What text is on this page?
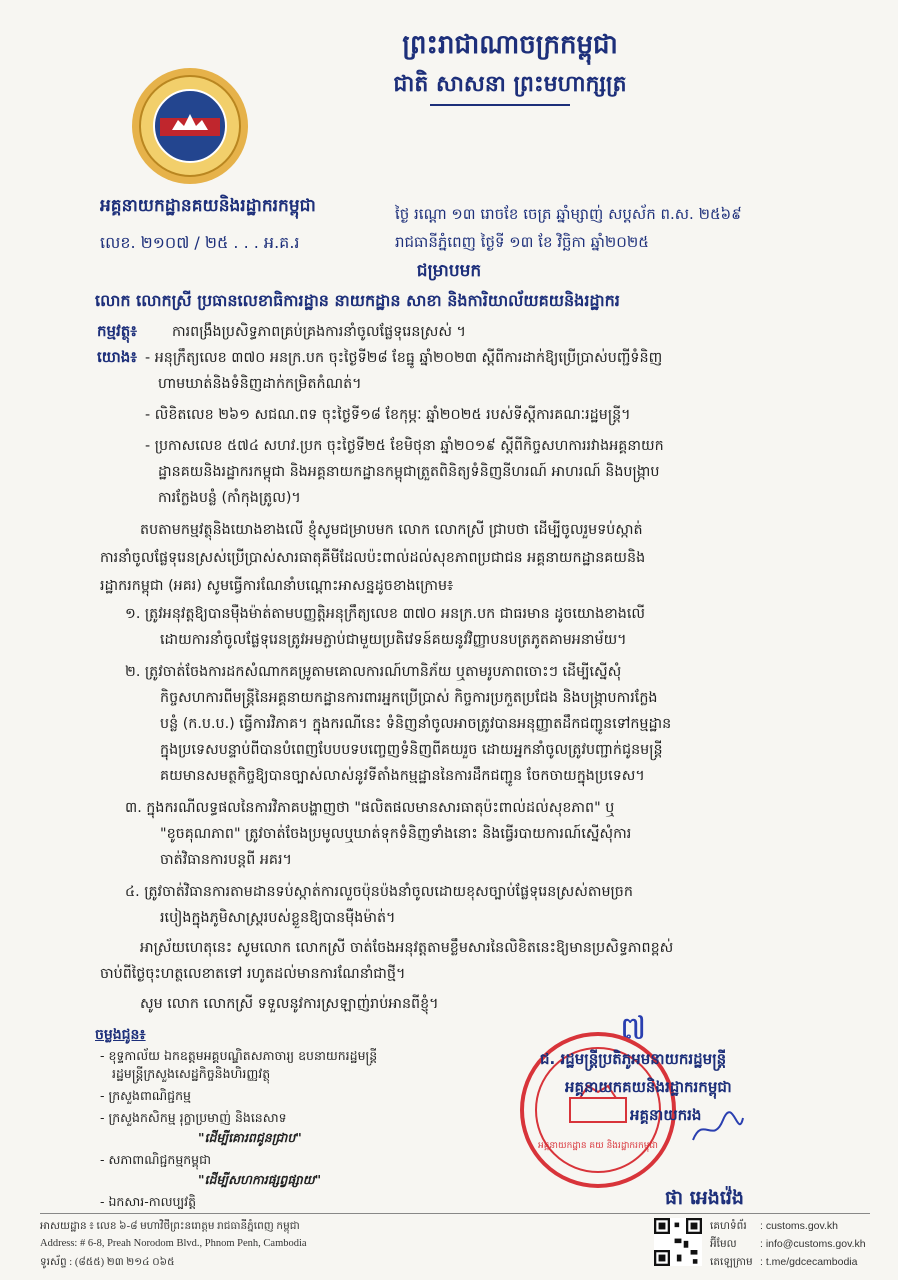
ព្រះរាជាណាចក្រកម្ពុជា
ជាតិ សាសនា ព្រះមហាក្សត្រ
អគ្គនាយកដ្ឋានគយនិងរដ្ឋាករកម្ពុជា
លេខ. ២១០៧ / ២៥ . . . អ.គ.រ
ថ្ងៃ រណ្ដោ ១៣ រោចខែ ចេត្រ ឆ្នាំម្សាញ់ សប្តស័ក ព.ស. ២៥៦៩
រាជធានីភ្នំពេញ ថ្ងៃទី ១៣ ខែ វិច្ឆិកា ឆ្នាំ២០២៥
ជម្រាបមក
លោក លោកស្រី ប្រធានលេខាធិការដ្ឋាន នាយកដ្ឋាន សាខា និងការិយាល័យគយនិងរដ្ឋាករ
កម្មវត្ថុ៖ ការពង្រឹងប្រសិទ្ធភាពគ្រប់គ្រងការនាំចូលផ្លែទុរេនស្រស់ ។
យោង៖ - អនុក្រឹត្យលេខ ៣៧០ អនក្រ.បក ចុះថ្ងៃទី២៨ ខែធ្នូ ឆ្នាំ២០២៣ ស្ដីពីការដាក់ឱ្យប្រើប្រាស់បញ្ជីទំនិញ
ហាមឃាត់និងទំនិញដាក់កម្រិតកំណត់។
- លិខិតលេខ ២៦១ សជណ.ពទ ចុះថ្ងៃទី១៨ ខែកុម្ភៈ ឆ្នាំ២០២៥ របស់ទីស្ដីការគណៈរដ្ឋមន្ត្រី។
- ប្រកាសលេខ ៥៧៤ សហវ.ប្រក ចុះថ្ងៃទី២៥ ខែមិថុនា ឆ្នាំ២០១៩ ស្ដីពីកិច្ចសហការរវាងអគ្គនាយក
ដ្ឋានគយនិងរដ្ឋាករកម្ពុជា និងអគ្គនាយកដ្ឋានកម្ពុជាត្រួតពិនិត្យទំនិញនីហរណ៍ អាហរណ៍ និងបង្ក្រាប
ការក្លែងបន្លំ (កាំកុងត្រូល)។
តបតាមកម្មវត្ថុនិងយោងខាងលើ ខ្ញុំសូមជម្រាបមក លោក លោកស្រី ជ្រាបថា ដើម្បីចូលរួមទប់ស្កាត់
ការនាំចូលផ្លែទុរេនស្រស់ប្រើប្រាស់សារធាតុគីមីដែលប៉ះពាល់ដល់សុខភាពប្រជាជន អគ្គនាយកដ្ឋានគយនិង
រដ្ឋាករកម្ពុជា (អគរ) សូមធ្វើការណែនាំបណ្ដោះអាសន្នដូចខាងក្រោម៖
១. ត្រូវអនុវត្តឱ្យបានម៉ឺងម៉ាត់តាមបញ្ញត្តិអនុក្រឹត្យលេខ ៣៧០ អនក្រ.បក ជាធរមាន ដូចយោងខាងលើ
ដោយការនាំចូលផ្លែទុរេនត្រូវអមភ្ជាប់ជាមួយប្រតិវេទន៍គយនូវវិញ្ញាបនបត្រភូតគាមអនាម័យ។
២. ត្រូវចាត់ចែងការដកសំណាកគម្រូតាមគោលការណ៍ហានិភ័យ ឬតាមរូបភាពចោះៗ ដើម្បីស្នើសុំ
កិច្ចសហការពីមន្ត្រីនៃអគ្គនាយកដ្ឋានការពារអ្នកប្រើប្រាស់ កិច្ចការប្រកួតប្រជែង និងបង្ក្រាបការក្លែង
បន្លំ (ក.ប.ប.) ធ្វើការវិភាគ។ ក្នុងករណីនេះ ទំនិញនាំចូលអាចត្រូវបានអនុញ្ញាតដឹកជញ្ជូនទៅកម្មដ្ឋាន
ក្នុងប្រទេសបន្ទាប់ពីបានបំពេញបែបបទបញ្ចេញទំនិញពីគយរួច ដោយអ្នកនាំចូលត្រូវបញ្ជាក់ជូនមន្ត្រី
គយមានសមត្ថកិច្ចឱ្យបានច្បាស់លាស់នូវទីតាំងកម្មដ្ឋាននៃការដឹកជញ្ជូន ចែកចាយក្នុងប្រទេស។
៣. ក្នុងករណីលទ្ធផលនៃការវិភាគបង្ហាញថា "ផលិតផលមានសារធាតុប៉ះពាល់ដល់សុខភាព" ឬ
"ខូចគុណភាព" ត្រូវចាត់ចែងប្រមូលឬឃាត់ទុកទំនិញទាំងនោះ និងធ្វើរបាយការណ៍ស្នើសុំការ
ចាត់វិធានការបន្តពី អគរ។
៤. ត្រូវចាត់វិធានការតាមដានទប់ស្កាត់ការលួចប៉ុនប៉ងនាំចូលដោយខុសច្បាប់ផ្លែទុរេនស្រស់តាមច្រក
របៀងក្នុងភូមិសាស្ត្ររបស់ខ្លួនឱ្យបានម៉ឺងម៉ាត់។
អាស្រ័យហេតុនេះ សូមលោក លោកស្រី ចាត់ចែងអនុវត្តតាមខ្លឹមសារនៃលិខិតនេះឱ្យមានប្រសិទ្ធភាពខ្ពស់
ចាប់ពីថ្ងៃចុះហត្ថលេខាតទៅ រហូតដល់មានការណែនាំជាថ្មី។
សូម លោក លោកស្រី ទទួលនូវការស្រឡាញ់រាប់អានពីខ្ញុំ។
៧
អគ្គនាយកដ្ឋាន គយ និងរដ្ឋាករកម្ពុជា
ជ. រដ្ឋមន្ត្រីប្រតិភូអមនាយករដ្ឋមន្ត្រី
អគ្គនាយកគយនិងរដ្ឋាករកម្ពុជា
អគ្គនាយករង
ផា អេងវ៉េង
ចម្លងជូន៖
- ខុទ្ទកាល័យ ឯកឧត្តមអគ្គបណ្ឌិតសភាចារ្យ ឧបនាយករដ្ឋមន្ត្រី
រដ្ឋមន្ត្រីក្រសួងសេដ្ឋកិច្ចនិងហិរញ្ញវត្ថុ
- ក្រសួងពាណិជ្ជកម្ម
- ក្រសួងកសិកម្ម រុក្ខាប្រមាញ់ និងនេសាទ
"ដើម្បីគោរពជូនជ្រាប"
- សភាពាណិជ្ជកម្មកម្ពុជា
"ដើម្បីសហការផ្សព្វផ្សាយ"
- ឯកសារ-កាលប្បវត្តិ
អាសយដ្ឋាន ៖ លេខ ៦-៨ មហាវិថីព្រះនរោត្តម រាជធានីភ្នំពេញ កម្ពុជា
Address: # 6-8, Preah Norodom Blvd., Phnom Penh, Cambodia
ទូរស័ព្ទ : (៨៥៥) ២៣ ២១៤ ០៦៥
គេហទំព័រ : customs.gov.kh
អ៊ីមែល : info@customs.gov.kh
តេឡេក្រាម : t.me/gdcecambodia
